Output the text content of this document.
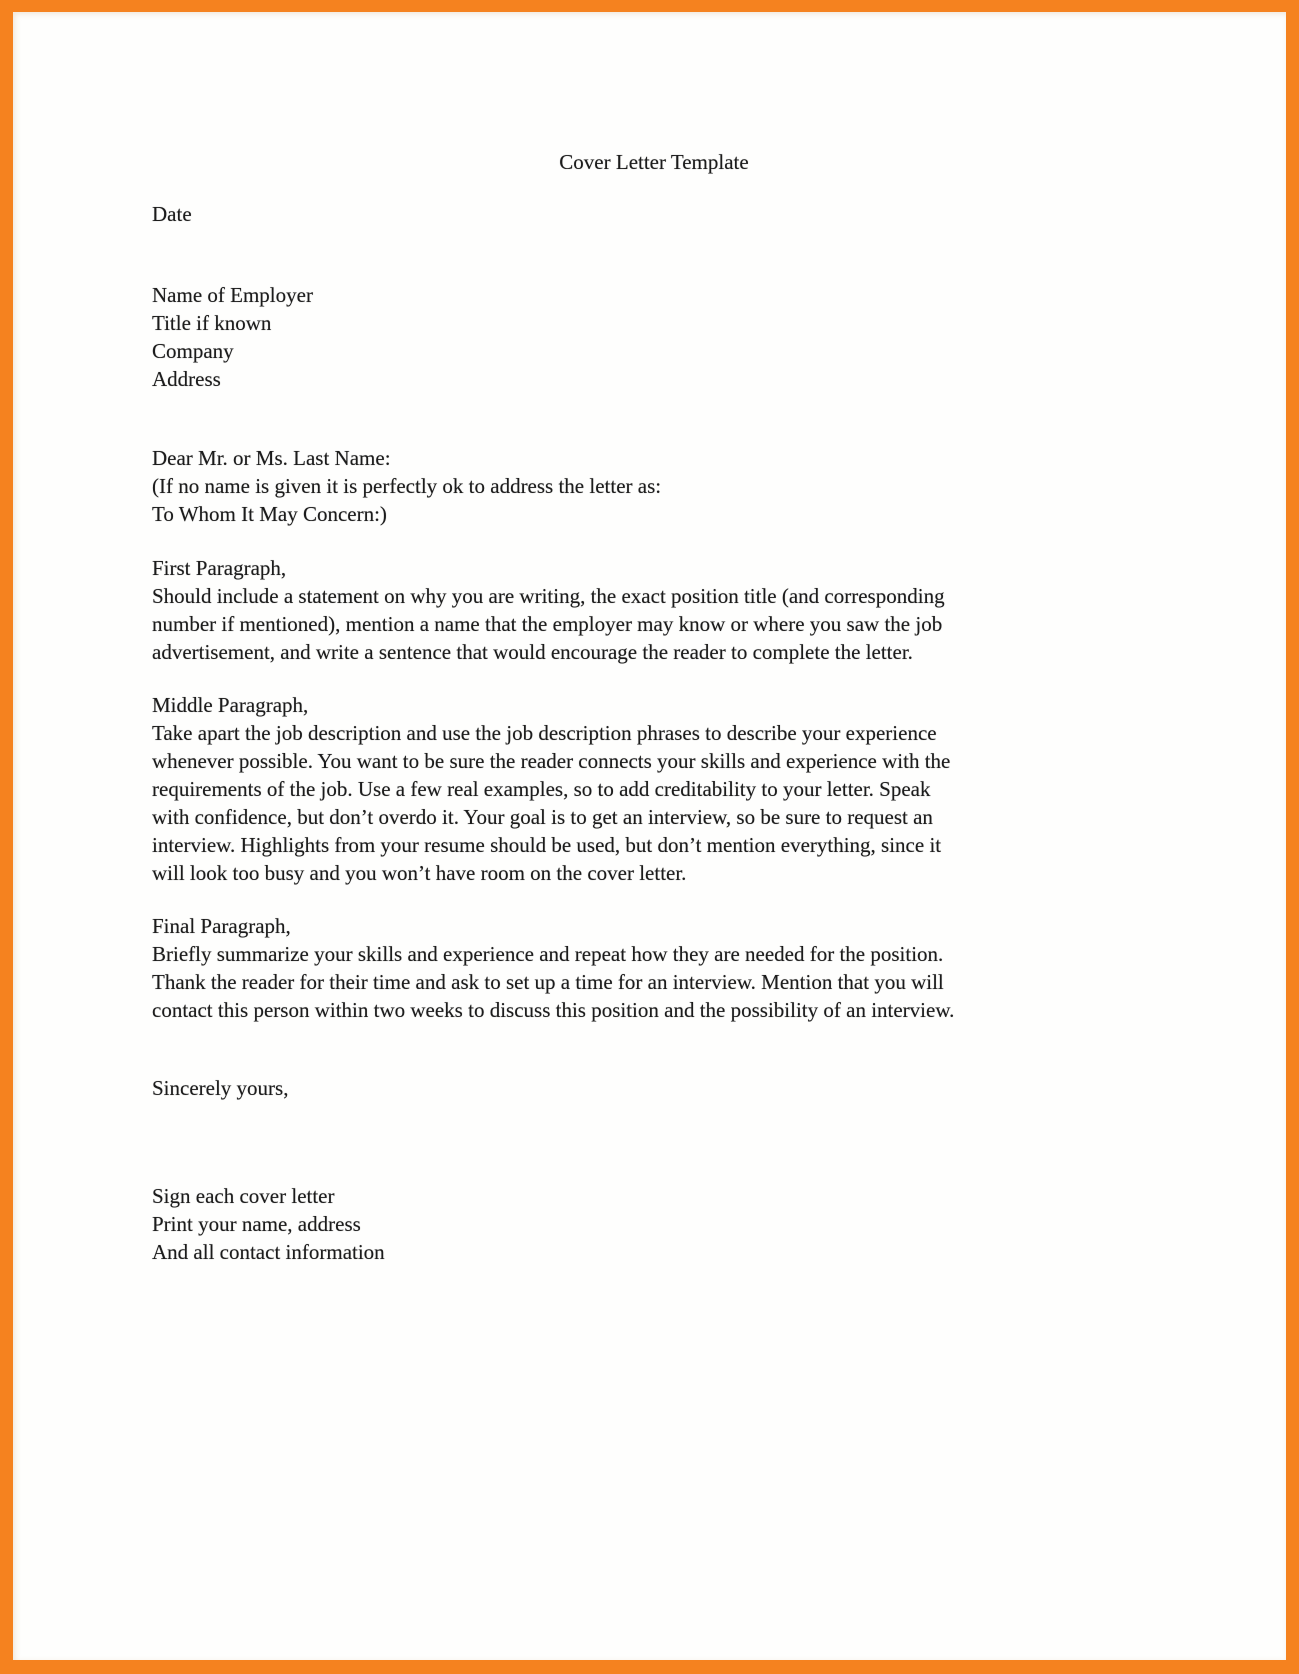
Cover Letter Template
Date
Name of Employer
Title if known
Company
Address
Dear Mr. or Ms. Last Name:
(If no name is given it is perfectly ok to address the letter as:
To Whom It May Concern:)
First Paragraph,
Should include a statement on why you are writing, the exact position title (and corresponding
number if mentioned), mention a name that the employer may know or where you saw the job
advertisement, and write a sentence that would encourage the reader to complete the letter.
Middle Paragraph,
Take apart the job description and use the job description phrases to describe your experience
whenever possible. You want to be sure the reader connects your skills and experience with the
requirements of the job. Use a few real examples, so to add creditability to your letter. Speak
with confidence, but don’t overdo it. Your goal is to get an interview, so be sure to request an
interview. Highlights from your resume should be used, but don’t mention everything, since it
will look too busy and you won’t have room on the cover letter.
Final Paragraph,
Briefly summarize your skills and experience and repeat how they are needed for the position.
Thank the reader for their time and ask to set up a time for an interview. Mention that you will
contact this person within two weeks to discuss this position and the possibility of an interview.
Sincerely yours,
Sign each cover letter
Print your name, address
And all contact information
